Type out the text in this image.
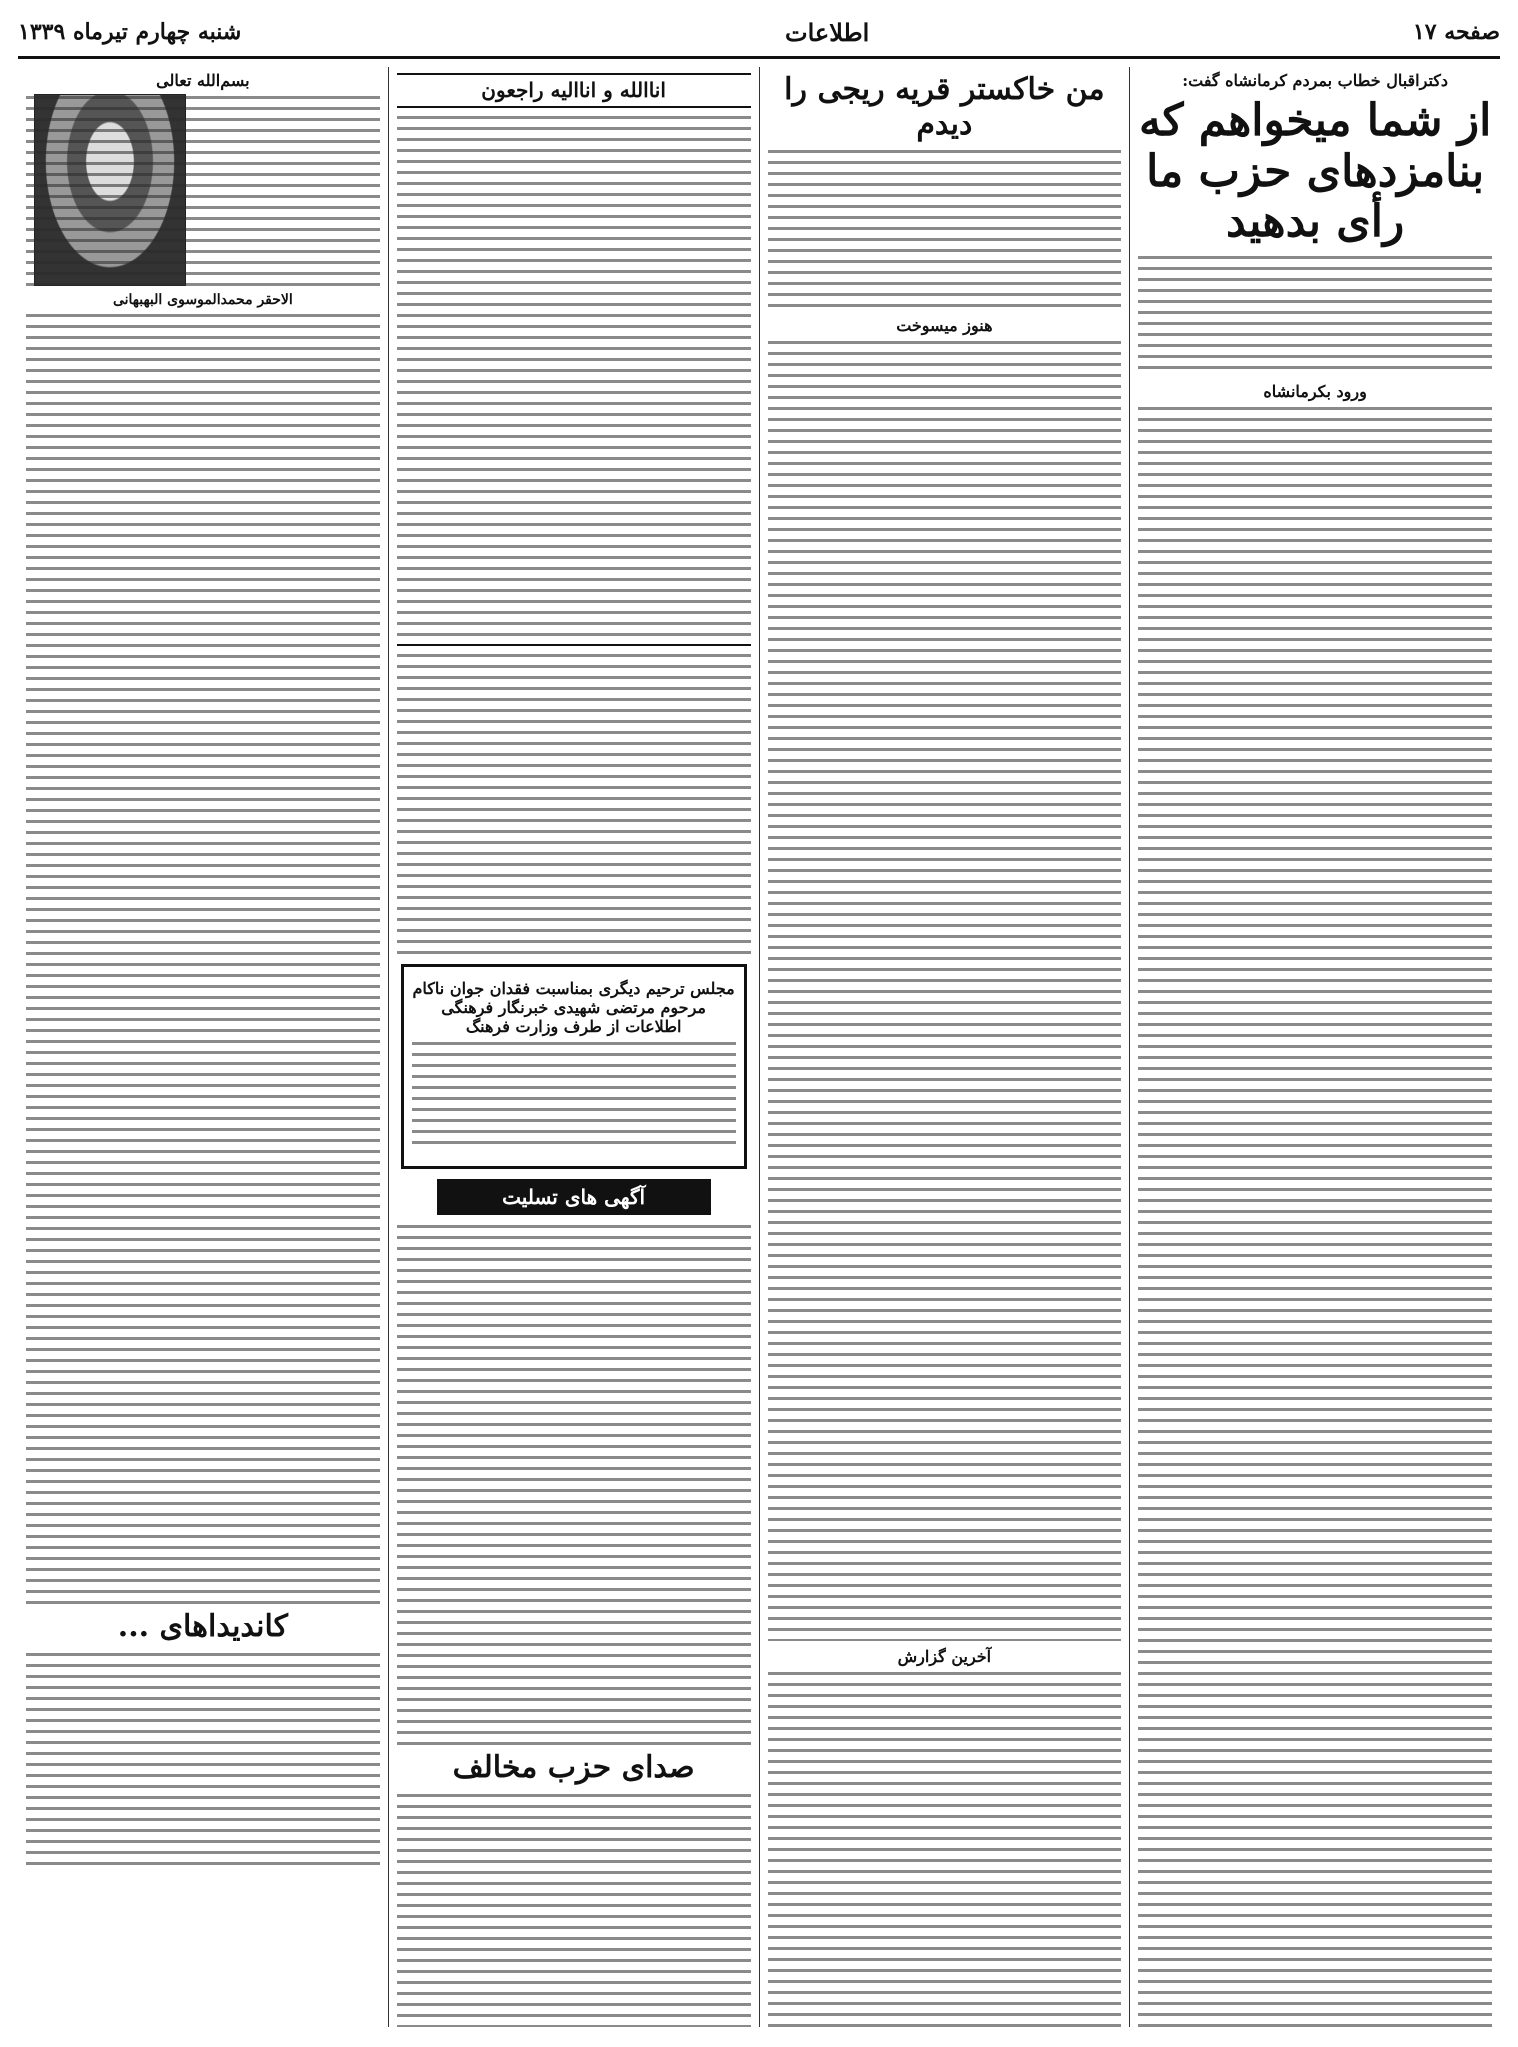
صفحه ۱۷
اطلاعات
شنبه چهارم تیرماه ۱۳۳۹
دکتراقبال خطاب بمردم کرمانشاه گفت:
از شما میخواهم که بنامزدهای حزب ما رأی بدهید
ورود بکرمانشاه
من خاکستر قریه ریجی را دیدم
هنوز میسوخت
آخرین گزارش
اناالله و اناالیه راجعون
مجلس ترحیم دیگری بمناسبت فقدان جوان ناکام مرحوم مرتضی شهیدی خبرنگار فرهنگی اطلاعات از طرف وزارت فرهنگ
آگهی های تسلیت
صدای حزب مخالف
بسم‌الله تعالی
الاحقر محمدالموسوی البهبهانی
کاندیداهای ...
